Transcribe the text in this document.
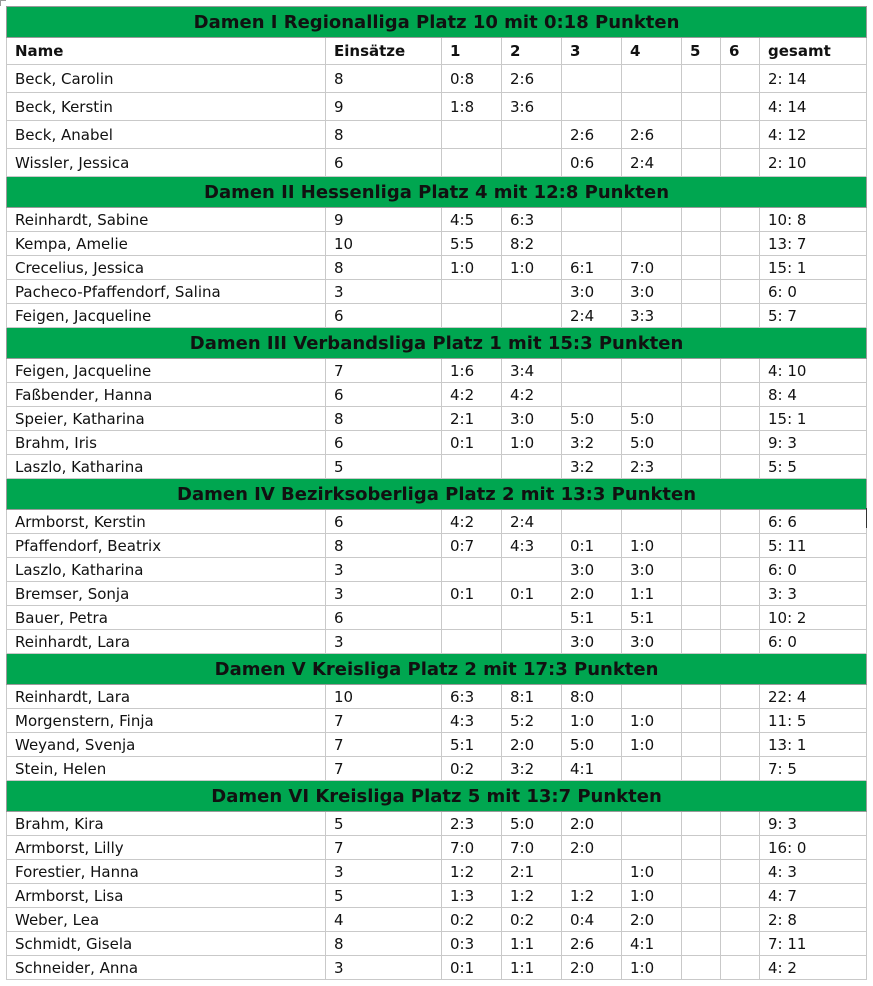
Damen I Regionalliga Platz 10 mit 0:18 Punkten								
Name	Einsätze	1	2	3	4	5	6	gesamt
Beck, Carolin	8	0:8	2:6					2: 14
Beck, Kerstin	9	1:8	3:6					4: 14
Beck, Anabel	8			2:6	2:6			4: 12
Wissler, Jessica	6			0:6	2:4			2: 10
Damen II Hessenliga Platz 4 mit 12:8 Punkten								
Reinhardt, Sabine	9	4:5	6:3					10: 8
Kempa, Amelie	10	5:5	8:2					13: 7
Crecelius, Jessica	8	1:0	1:0	6:1	7:0			15: 1
Pacheco-Pfaffendorf, Salina	3			3:0	3:0			6: 0
Feigen, Jacqueline	6			2:4	3:3			5: 7
Damen III Verbandsliga Platz 1 mit 15:3 Punkten								
Feigen, Jacqueline	7	1:6	3:4					4: 10
Faßbender, Hanna	6	4:2	4:2					8: 4
Speier, Katharina	8	2:1	3:0	5:0	5:0			15: 1
Brahm, Iris	6	0:1	1:0	3:2	5:0			9: 3
Laszlo, Katharina	5			3:2	2:3			5: 5
Damen IV Bezirksoberliga Platz 2 mit 13:3 Punkten								
Armborst, Kerstin	6	4:2	2:4					6: 6
Pfaffendorf, Beatrix	8	0:7	4:3	0:1	1:0			5: 11
Laszlo, Katharina	3			3:0	3:0			6: 0
Bremser, Sonja	3	0:1	0:1	2:0	1:1			3: 3
Bauer, Petra	6			5:1	5:1			10: 2
Reinhardt, Lara	3			3:0	3:0			6: 0
Damen V Kreisliga Platz 2 mit 17:3 Punkten								
Reinhardt, Lara	10	6:3	8:1	8:0				22: 4
Morgenstern, Finja	7	4:3	5:2	1:0	1:0			11: 5
Weyand, Svenja	7	5:1	2:0	5:0	1:0			13: 1
Stein, Helen	7	0:2	3:2	4:1				7: 5
Damen VI Kreisliga Platz 5 mit 13:7 Punkten								
Brahm, Kira	5	2:3	5:0	2:0				9: 3
Armborst, Lilly	7	7:0	7:0	2:0				16: 0
Forestier, Hanna	3	1:2	2:1		1:0			4: 3
Armborst, Lisa	5	1:3	1:2	1:2	1:0			4: 7
Weber, Lea	4	0:2	0:2	0:4	2:0			2: 8
Schmidt, Gisela	8	0:3	1:1	2:6	4:1			7: 11
Schneider, Anna	3	0:1	1:1	2:0	1:0			4: 2
